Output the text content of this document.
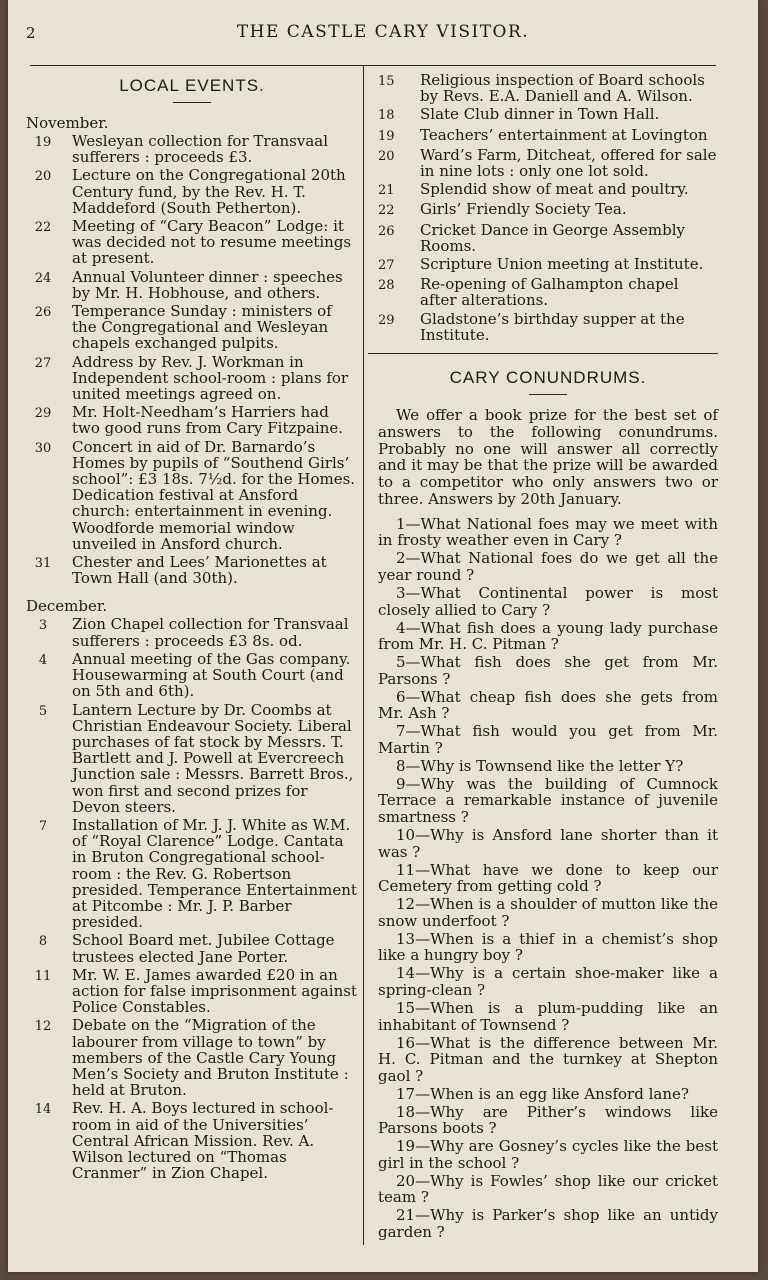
2	THE CASTLE CARY VISITOR.
LOCAL EVENTS.
November.
19	Wesleyan collection for Transvaal sufferers : proceeds £3.
20	Lecture on the Congregational 20th Century fund, by the Rev. H. T. Maddeford (South Petherton).
22	Meeting of “Cary Beacon” Lodge: it was decided not to resume meetings at present.
24	Annual Volunteer dinner : speeches by Mr. H. Hobhouse, and others.
26	Temperance Sunday : ministers of the Congregational and Wesleyan chapels exchanged pulpits.
27	Address by Rev. J. Workman in Independent school-room : plans for united meetings agreed on.
29	Mr. Holt-Needham’s Harriers had two good runs from Cary Fitzpaine.
30	Concert in aid of Dr. Barnardo’s Homes by pupils of “Southend Girls’ school”: £3 18s. 7½d. for the Homes. Dedication festival at Ansford church: entertainment in evening. Woodforde memorial window unveiled in Ansford church.
31	Chester and Lees’ Marionettes at Town Hall (and 30th).
December.
3	Zion Chapel collection for Transvaal sufferers : proceeds £3 8s. od.
4	Annual meeting of the Gas company. Housewarming at South Court (and on 5th and 6th).
5	Lantern Lecture by Dr. Coombs at Christian Endeavour Society. Liberal purchases of fat stock by Messrs. T. Bartlett and J. Powell at Evercreech Junction sale : Messrs. Barrett Bros., won first and second prizes for Devon steers.
7	Installation of Mr. J. J. White as W.M. of “Royal Clarence” Lodge. Cantata in Bruton Congregational school-room : the Rev. G. Robertson presided. Temperance Entertainment at Pitcombe : Mr. J. P. Barber presided.
8	School Board met. Jubilee Cottage trustees elected Jane Porter.
11	Mr. W. E. James awarded £20 in an action for false imprisonment against Police Constables.
12	Debate on the “Migration of the labourer from village to town” by members of the Castle Cary Young Men’s Society and Bruton Institute : held at Bruton.
14	Rev. H. A. Boys lectured in school-room in aid of the Universities’ Central African Mission. Rev. A. Wilson lectured on “Thomas Cranmer” in Zion Chapel.
15	Religious inspection of Board schools by Revs. E.A. Daniell and A. Wilson.
18	Slate Club dinner in Town Hall.
19	Teachers’ entertainment at Lovington
20	Ward’s Farm, Ditcheat, offered for sale in nine lots : only one lot sold.
21	Splendid show of meat and poultry.
22	Girls’ Friendly Society Tea.
26	Cricket Dance in George Assembly Rooms.
27	Scripture Union meeting at Institute.
28	Re-opening of Galhampton chapel after alterations.
29	Gladstone’s birthday supper at the Institute.
CARY CONUNDRUMS.
We offer a book prize for the best set of answers to the following conundrums. Probably no one will answer all correctly and it may be that the prize will be awarded to a competitor who only answers two or three. Answers by 20th January.
1—What National foes may we meet with in frosty weather even in Cary ?
2—What National foes do we get all the year round ?
3—What Continental power is most closely allied to Cary ?
4—What fish does a young lady purchase from Mr. H. C. Pitman ?
5—What fish does she get from Mr. Parsons ?
6—What cheap fish does she gets from Mr. Ash ?
7—What fish would you get from Mr. Martin ?
8—Why is Townsend like the letter Y?
9—Why was the building of Cumnock Terrace a remarkable instance of juvenile smartness ?
10—Why is Ansford lane shorter than it was ?
11—What have we done to keep our Cemetery from getting cold ?
12—When is a shoulder of mutton like the snow underfoot ?
13—When is a thief in a chemist’s shop like a hungry boy ?
14—Why is a certain shoe-maker like a spring-clean ?
15—When is a plum-pudding like an inhabitant of Townsend ?
16—What is the difference between Mr. H. C. Pitman and the turnkey at Shepton gaol ?
17—When is an egg like Ansford lane?
18—Why are Pither’s windows like Parsons boots ?
19—Why are Gosney’s cycles like the best girl in the school ?
20—Why is Fowles’ shop like our cricket team ?
21—Why is Parker’s shop like an untidy garden ?
